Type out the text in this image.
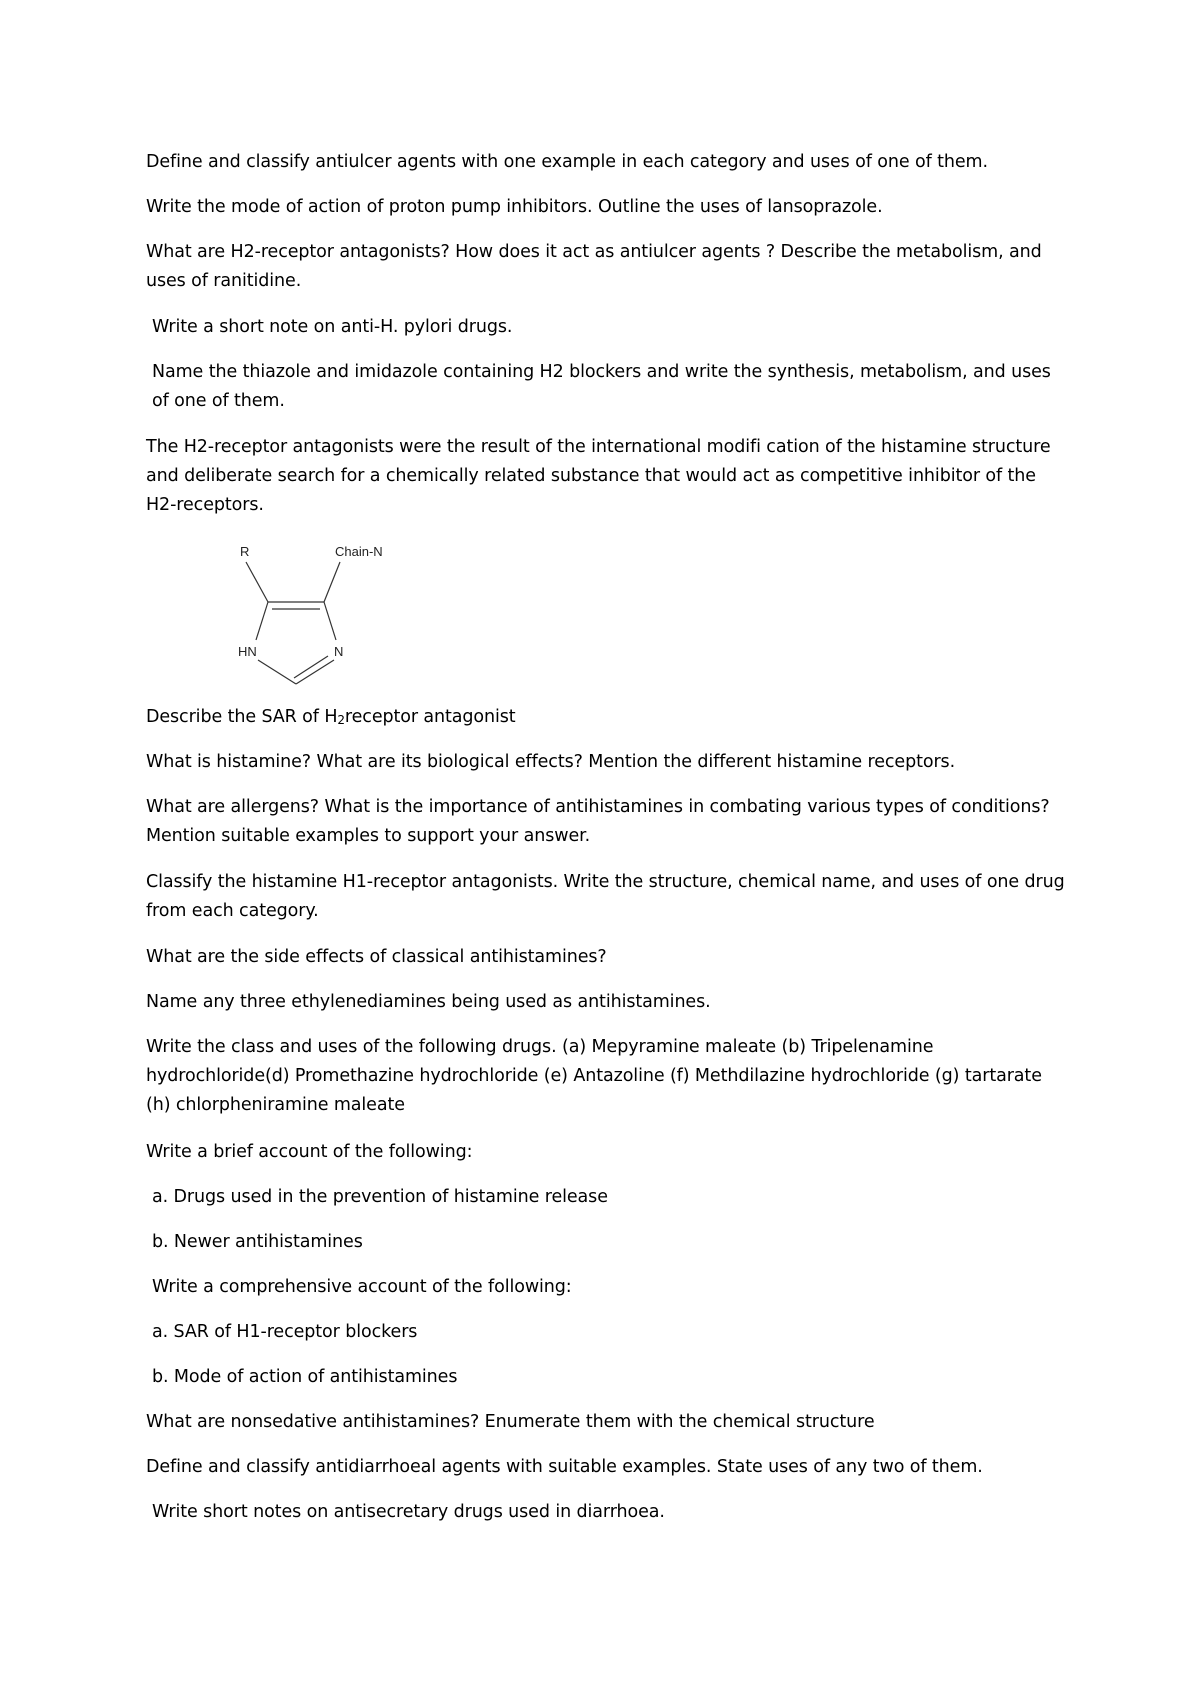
Define and classify antiulcer agents with one example in each category and uses of one of them.

Write the mode of action of proton pump inhibitors. Outline the uses of lansoprazole.

What are H2-receptor antagonists? How does it act as antiulcer agents ? Describe the metabolism, and uses of ranitidine.

Write a short note on anti-H. pylori drugs.

Name the thiazole and imidazole containing H2 blockers and write the synthesis, metabolism, and uses of one of them.

The H2-receptor antagonists were the result of the international modifi cation of the histamine structure and deliberate search for a chemically related substance that would act as competitive inhibitor of the H2-receptors.

R	Chain-N
HN	N

Describe the SAR of $H_2receptor$ antagonist

What is histamine? What are its biological effects? Mention the different histamine receptors.

What are allergens? What is the importance of antihistamines in combating various types of conditions? Mention suitable examples to support your answer.

Classify the histamine H1-receptor antagonists. Write the structure, chemical name, and uses of one drug from each category.

What are the side effects of classical antihistamines?

Name any three ethylenediamines being used as antihistamines.

Write the class and uses of the following drugs. (a) Mepyramine maleate (b) Tripelenamine hydrochloride(d) Promethazine hydrochloride (e) Antazoline (f) Methdilazine hydrochloride (g) tartarate (h) chlorpheniramine maleate

Write a brief account of the following:

a. Drugs used in the prevention of histamine release

b. Newer antihistamines

Write a comprehensive account of the following:

a. SAR of H1-receptor blockers

b. Mode of action of antihistamines

What are nonsedative antihistamines? Enumerate them with the chemical structure

Define and classify antidiarrhoeal agents with suitable examples. State uses of any two of them.

Write short notes on antisecretary drugs used in diarrhoea.
